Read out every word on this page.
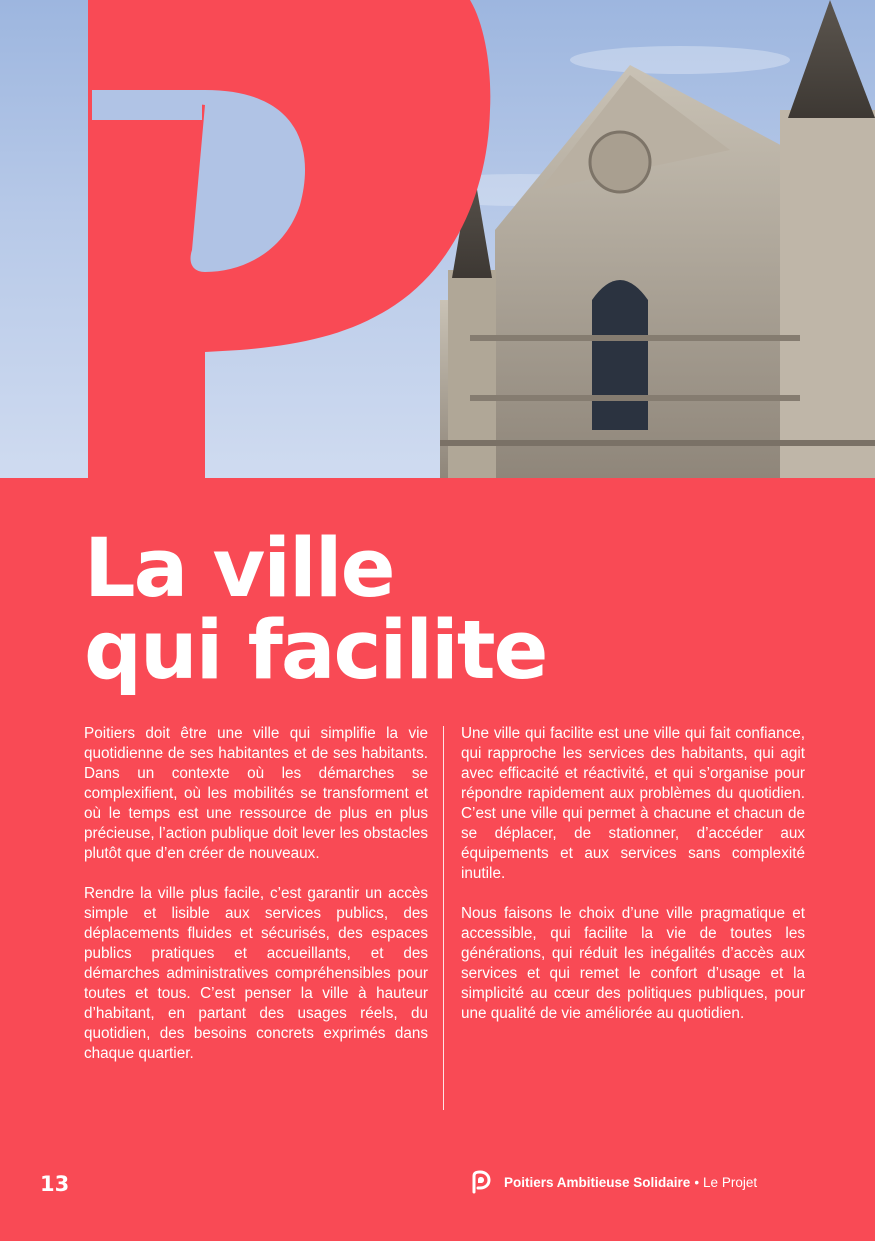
La ville
qui facilite

Poitiers doit être une ville qui simplifie la vie quotidienne de ses habitantes et de ses habitants. Dans un contexte où les démarches se complexifient, où les mobilités se transforment et où le temps est une ressource de plus en plus précieuse, l’action publique doit lever les obstacles plutôt que d’en créer de nouveaux.

Rendre la ville plus facile, c’est garantir un accès simple et lisible aux services publics, des déplacements fluides et sécurisés, des espaces publics pratiques et accueillants, et des démarches administratives compréhensibles pour toutes et tous. C’est penser la ville à hauteur d’habitant, en partant des usages réels, du quotidien, des besoins concrets exprimés dans chaque quartier.

Une ville qui facilite est une ville qui fait confiance, qui rapproche les services des habitants, qui agit avec efficacité et réactivité, et qui s’organise pour répondre rapidement aux problèmes du quotidien. C’est une ville qui permet à chacune et chacun de se déplacer, de stationner, d’accéder aux équipements et aux services sans complexité inutile.

Nous faisons le choix d’une ville pragmatique et accessible, qui facilite la vie de toutes les générations, qui réduit les inégalités d’accès aux services et qui remet le confort d’usage et la simplicité au cœur des politiques publiques, pour une qualité de vie améliorée au quotidien.

13	Poitiers Ambitieuse Solidaire • Le Projet
